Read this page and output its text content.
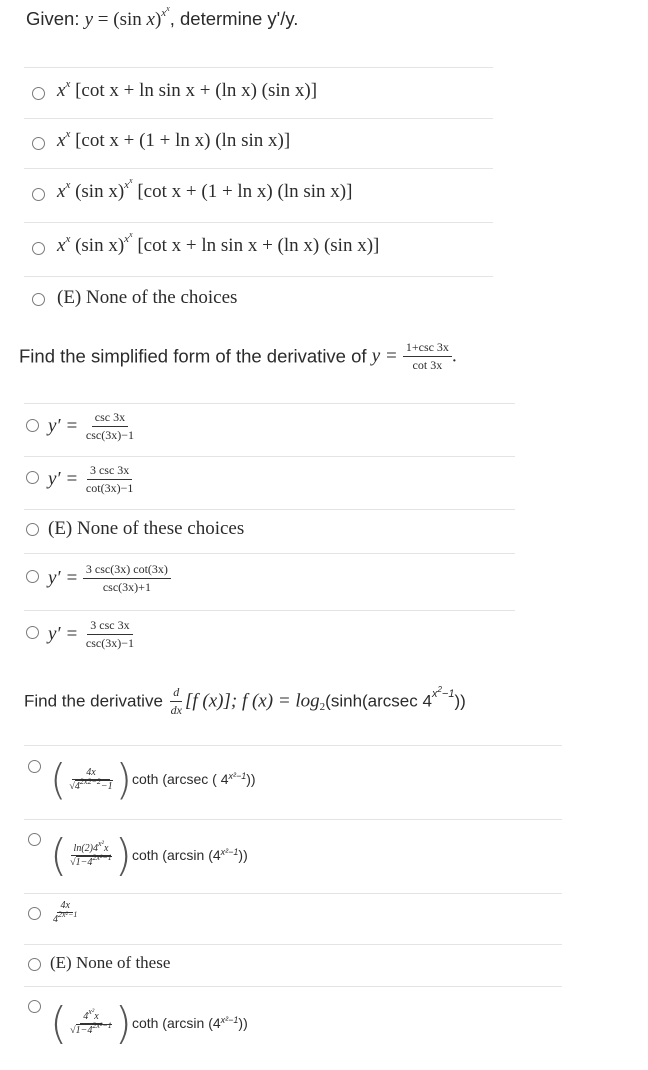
Given: y = (sin x)$^{x^x}$, determine y'/y.
$x^x$ [cot x + ln sin x + (ln x) (sin x)]
$x^x$ [cot x + (1 + ln x) (ln sin x)]
$x^x$ (sin x)$^{x^x}$ [cot x + (1 + ln x) (ln sin x)]
$x^x$ (sin x)$^{x^x}$ [cot x + ln sin x + (ln x) (sin x)]
(E) None of the choices
Find the simplified form of the derivative of $y = \frac{1+\csc 3x}{\cot 3x}$ .
$y' = \frac{\csc 3x}{\csc(3x)-1}$
$y' = \frac{3 \csc 3x}{\cot(3x)-1}$
(E) None of these choices
$y' = \frac{3 \csc(3x) \cot(3x)}{\csc(3x)+1}$
$y' = \frac{3 \csc 3x}{\csc(3x)-1}$
Find the derivative $\frac{d}{dx} [f$ (x)]; f $(x) = \log_2(\sinh(arcsec$ $4^{x^2-1}$))
( $\frac{4x}{√4^{2x2-2}-1}$ ) coth (arcsec ( $4^{x^2-1}$))
( $\frac{\ln(2)4^{x^2}x}{√1-4^{2x^2-1}}$ ) coth (arcsin $(4^{x^2-1})$)
$\frac{4x}{4^{2x^2-1}}$
(E) None of these
( $\frac{4^{x^2}x}{√1-4^{2x^2-1}}$ ) coth (arcsin $(4^{x^2-1})$)
